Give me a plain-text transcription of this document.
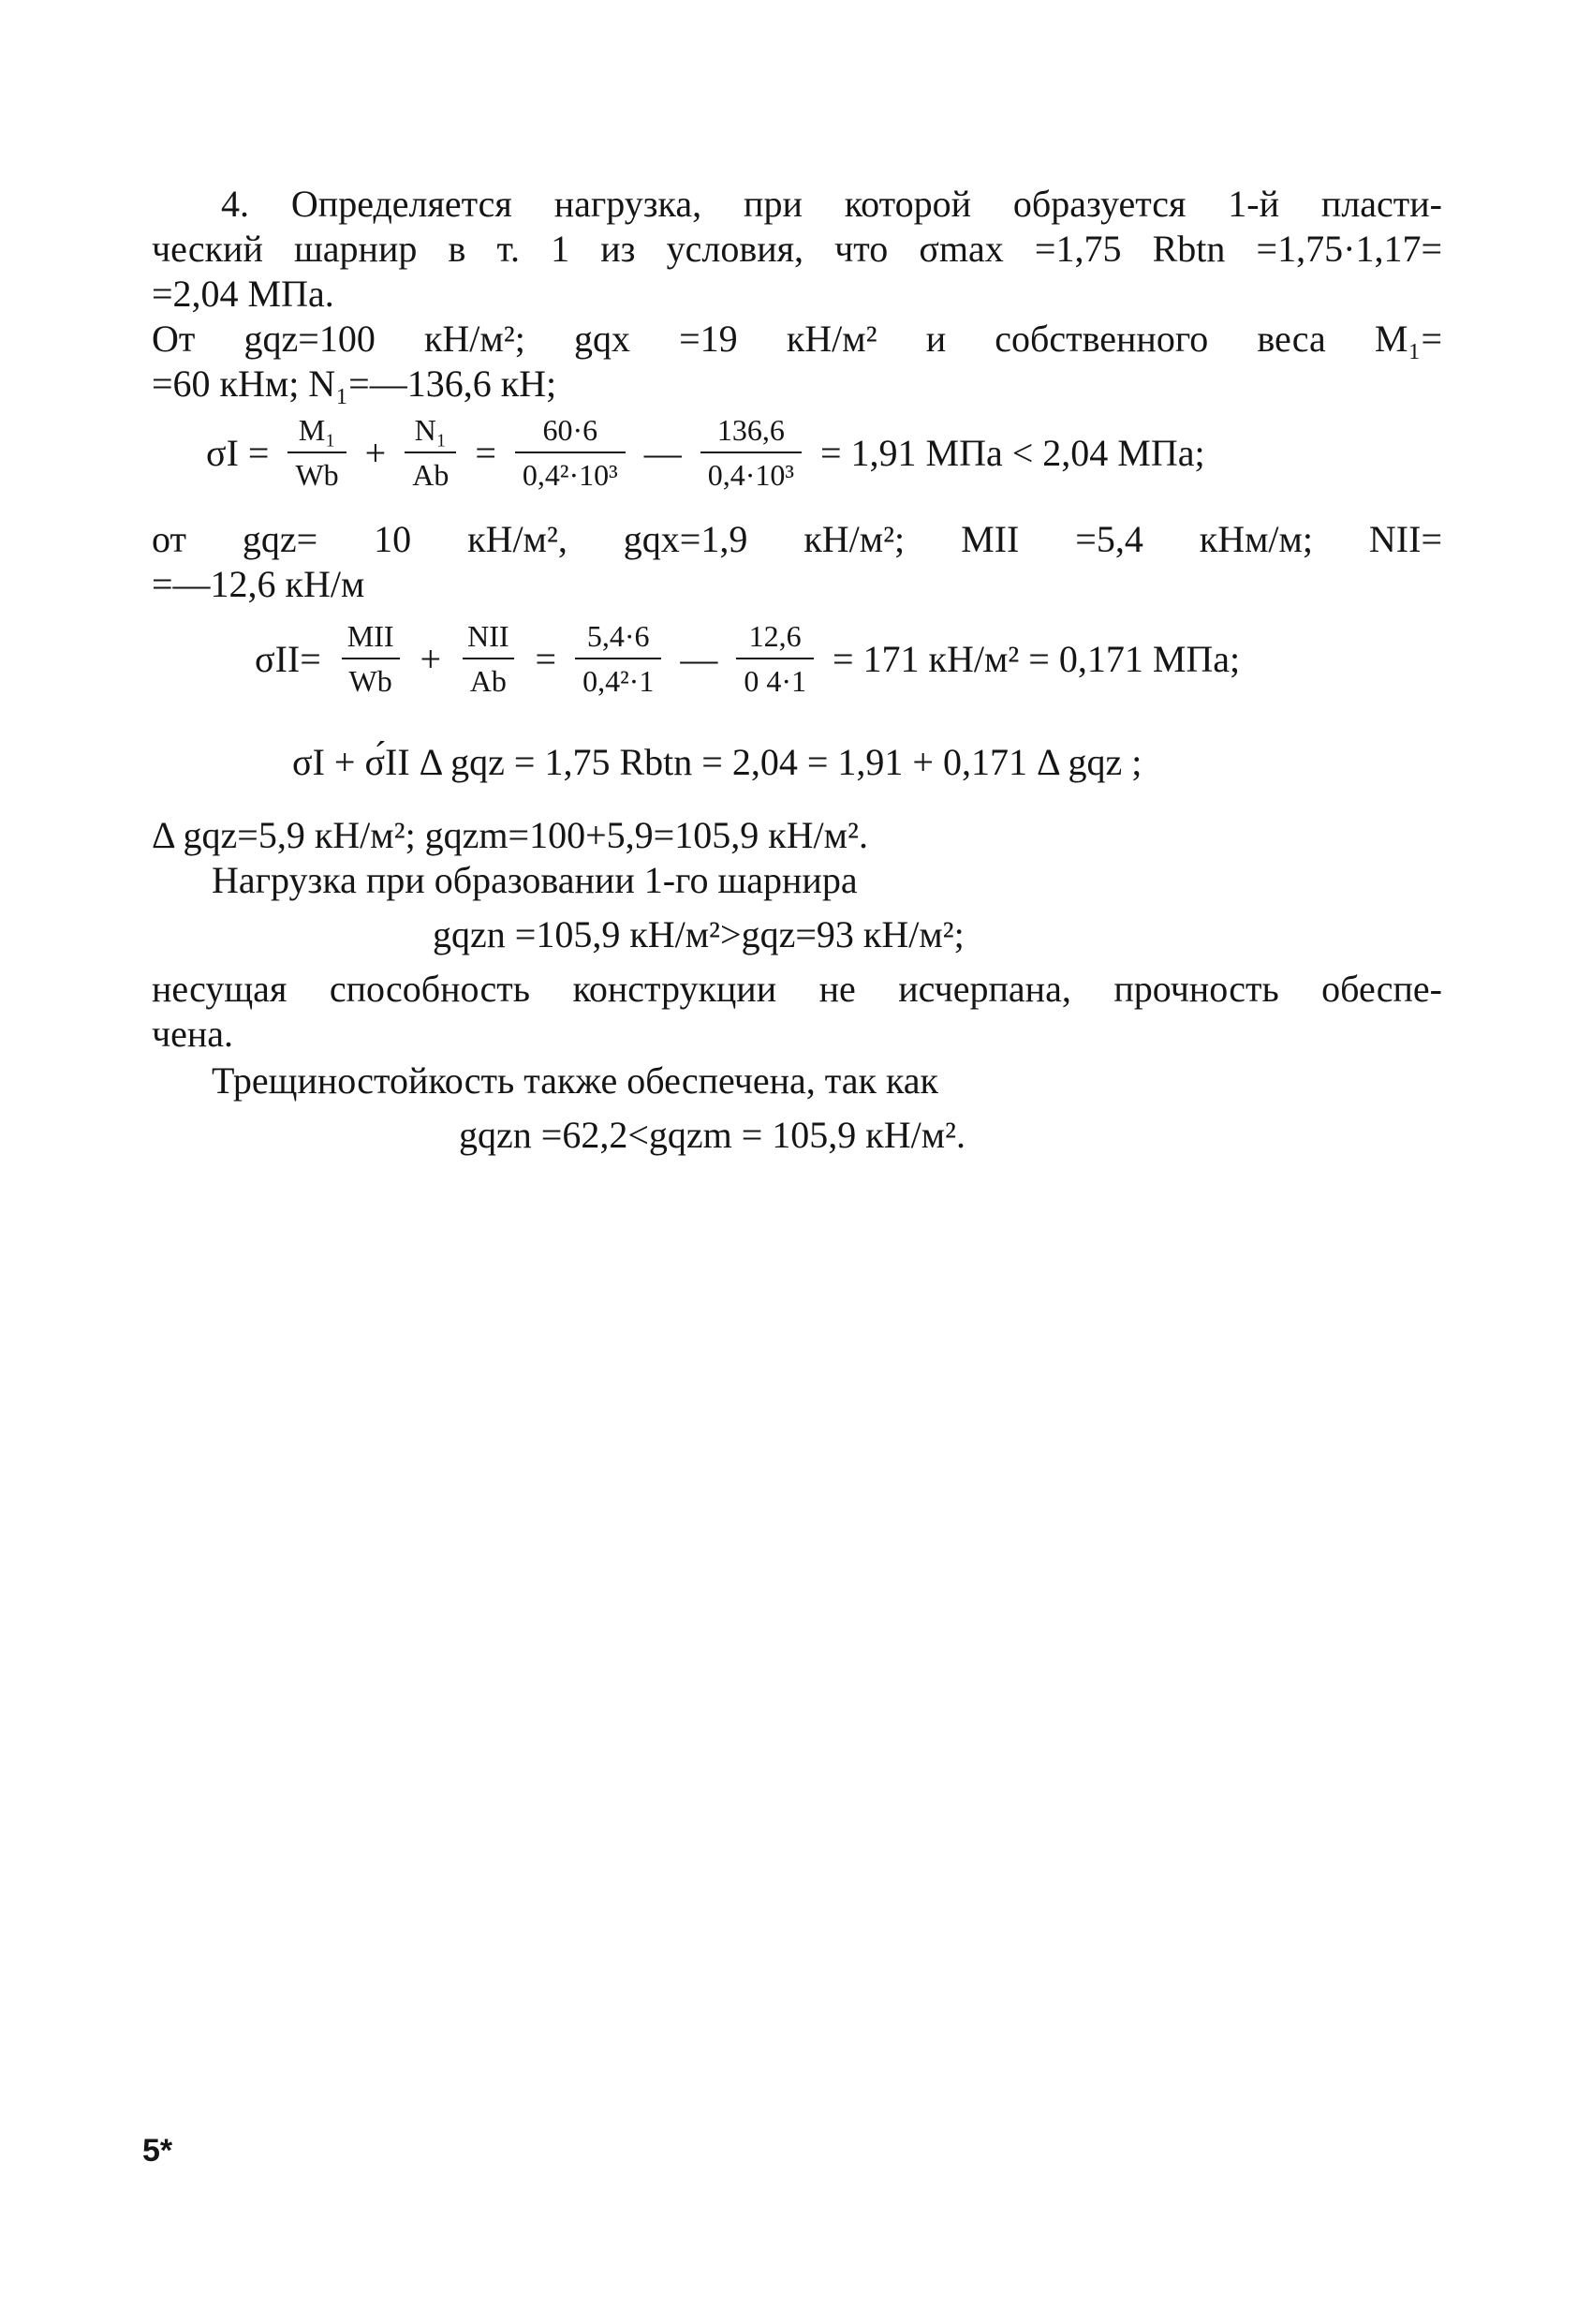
4. Определяется нагрузка, при которой образуется 1-й пласти-
ческий шарнир в т. 1 из условия, что σmax =1,75 Rbtn =1,75·1,17=
=2,04 МПа.
От gqz=100 кН/м²; gqx =19 кН/м² и собственного веса M₁=
=60 кНм; N₁=—136,6 кН;
$\sigma I = \frac{\text{M₁}}{Wb} + \frac{\text{N₁}}{Ab} = \frac{60\cdot 6}{\text{0,4²·10³}}$ — $\frac{136,6}{\text{0,4·10³}} = 1,91$ МПа < 2,04 МПа;
от gqz= 10 кН/м², gqx=1,9 кН/м²; MII =5,4 кНм/м; NII=
=—12,6 кН/м
$\sigma II= \frac{\text{MII}}{Wb} + \frac{\text{NII}}{Ab} = \frac{5,4\cdot 6}{\text{0,4²·1}}$ — $\frac{12,6}{0 4\cdot 1} = 171$ кН/м² = 0,171 МПа;
σI + σ́II Δ gqz = 1,75 Rbtn = 2,04 = 1,91 + 0,171 Δ gqz ;
Δ gqz=5,9 кН/м²; gqzm=100+5,9=105,9 кН/м².
Нагрузка при образовании 1-го шарнира
gqzn =105,9 кН/м²>gqz=93 кН/м²;
несущая способность конструкции не исчерпана, прочность обеспе-
чена.
Трещиностойкость также обеспечена, так как
gqzn =62,2<gqzm = 105,9 кН/м².
5*
